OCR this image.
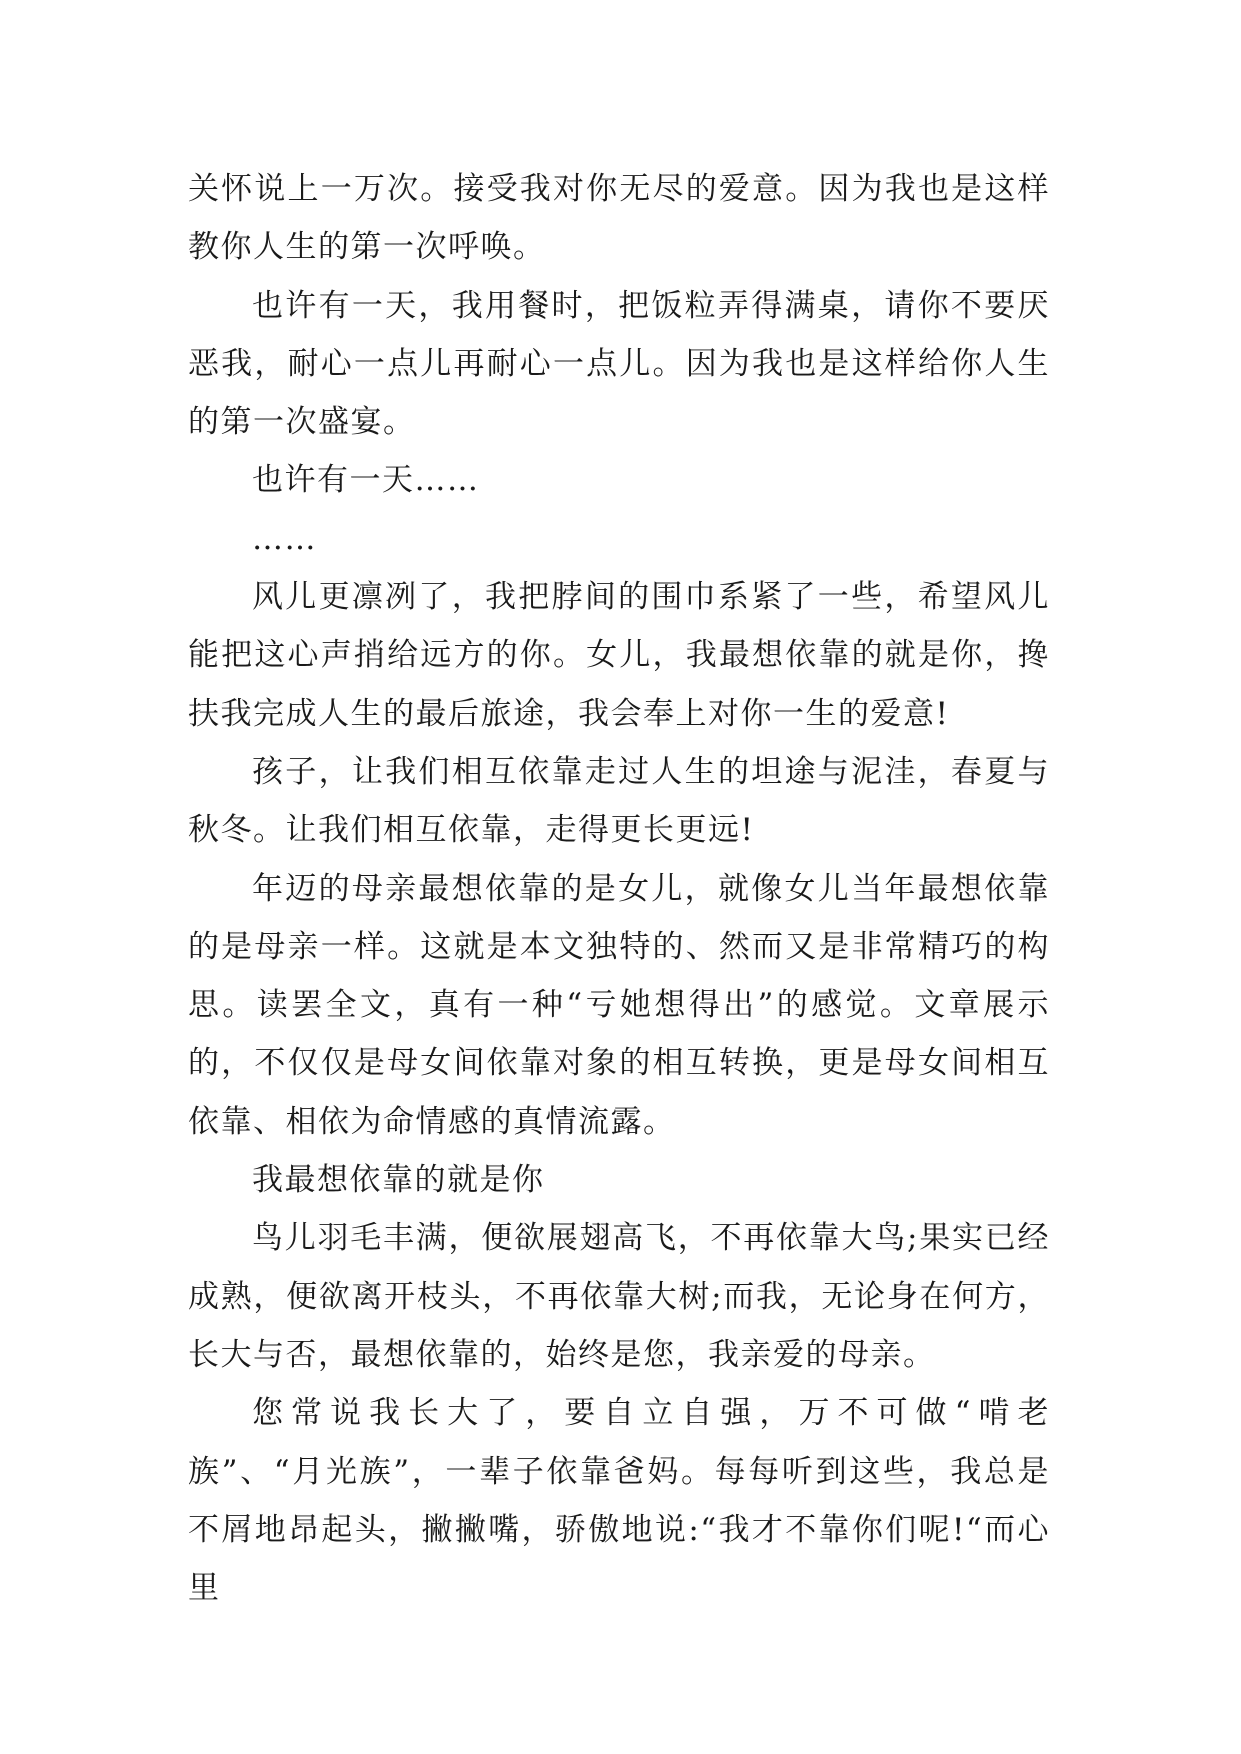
关怀说上一万次。接受我对你无尽的爱意。因为我也是这样教你人生的第一次呼唤。

也许有一天，我用餐时，把饭粒弄得满桌，请你不要厌恶我，耐心一点儿再耐心一点儿。因为我也是这样给你人生的第一次盛宴。

也许有一天……

……

风儿更凛冽了，我把脖间的围巾系紧了一些，希望风儿能把这心声捎给远方的你。女儿，我最想依靠的就是你，搀扶我完成人生的最后旅途，我会奉上对你一生的爱意!

孩子，让我们相互依靠走过人生的坦途与泥洼，春夏与秋冬。让我们相互依靠，走得更长更远!

年迈的母亲最想依靠的是女儿，就像女儿当年最想依靠的是母亲一样。这就是本文独特的、然而又是非常精巧的构思。读罢全文，真有一种“亏她想得出”的感觉。文章展示的，不仅仅是母女间依靠对象的相互转换，更是母女间相互依靠、相依为命情感的真情流露。

我最想依靠的就是你

鸟儿羽毛丰满，便欲展翅高飞，不再依靠大鸟;果实已经成熟，便欲离开枝头，不再依靠大树;而我，无论身在何方，长大与否，最想依靠的，始终是您，我亲爱的母亲。

您常说我长大了，要自立自强，万不可做“啃老族”、“月光族”，一辈子依靠爸妈。每每听到这些，我总是不屑地昂起头，撇撇嘴，骄傲地说:“我才不靠你们呢!“而心里
